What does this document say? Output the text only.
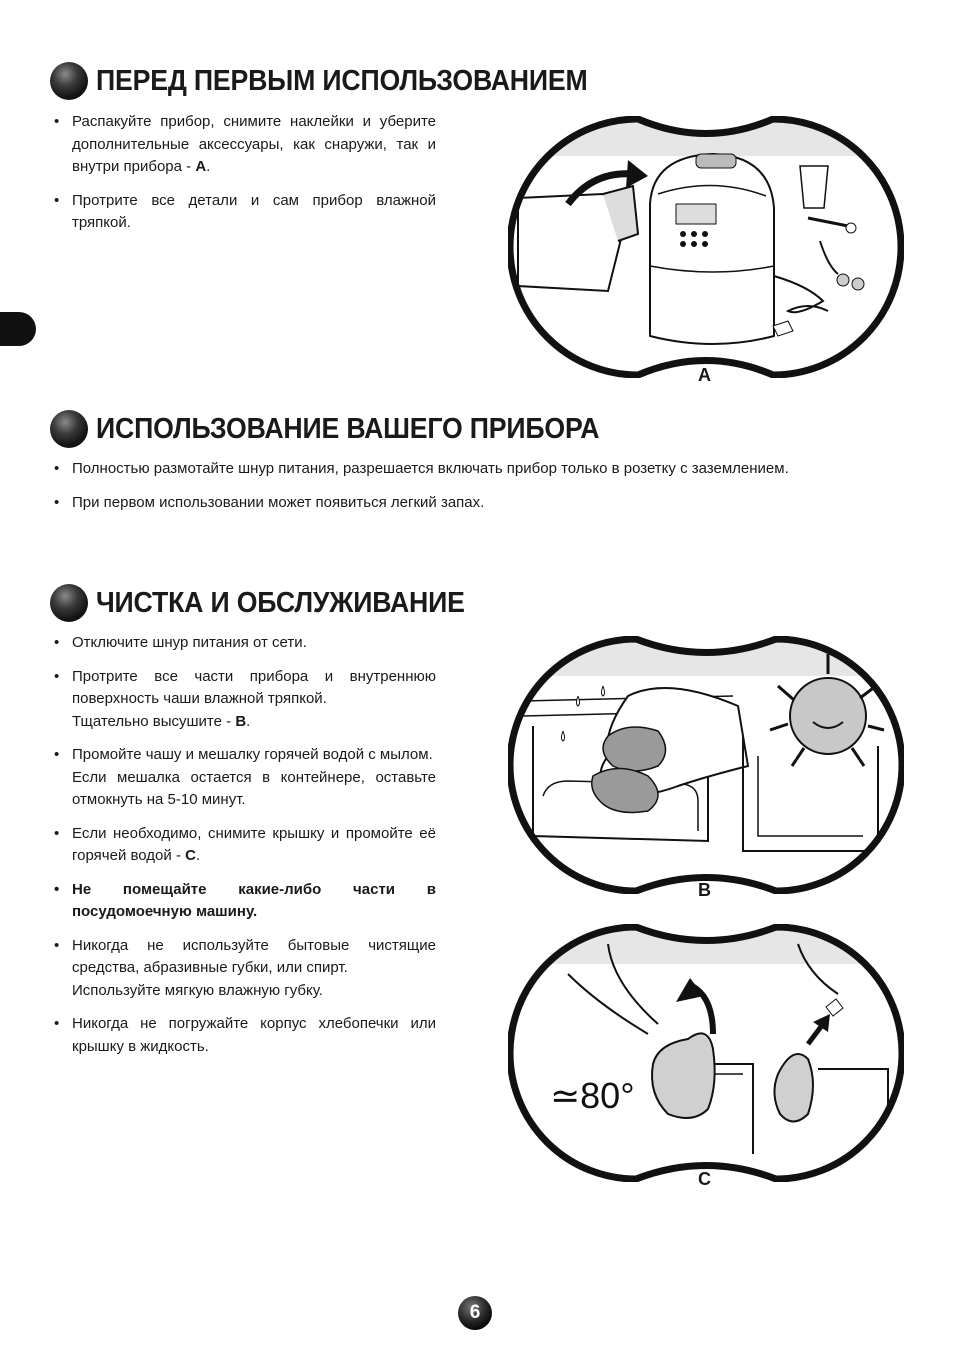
ПЕРЕД ПЕРВЫМ ИСПОЛЬЗОВАНИЕМ
• Распакуйте прибор, снимите наклейки и уберите дополнительные аксессуары, как снаружи, так и внутри прибора - A.
• Протрите все детали и сам прибор влажной тряпкой.
A
ИСПОЛЬЗОВАНИЕ ВАШЕГО ПРИБОРА
• Полностью размотайте шнур питания, разрешается включать прибор только в розетку с заземлением.
• При первом использовании может появиться легкий запах.
ЧИСТКА И ОБСЛУЖИВАНИЕ
• Отключите шнур питания от сети.
• Протрите все части прибора и внутреннюю поверхность чаши влажной тряпкой.
Тщательно высушите - B.
• Промойте чашу и мешалку горячей водой с мылом.
Если мешалка остается в контейнере, оставьте отмокнуть на 5-10 минут.
• Если необходимо, снимите крышку и промойте её горячей водой - C.
• Не помещайте какие-либо части в посудомоечную машину.
• Никогда не используйте бытовые чистящие средства, абразивные губки, или спирт.
Используйте мягкую влажную губку.
• Никогда не погружайте корпус хлебопечки или крышку в жидкость.
B
≃80°
C
6
